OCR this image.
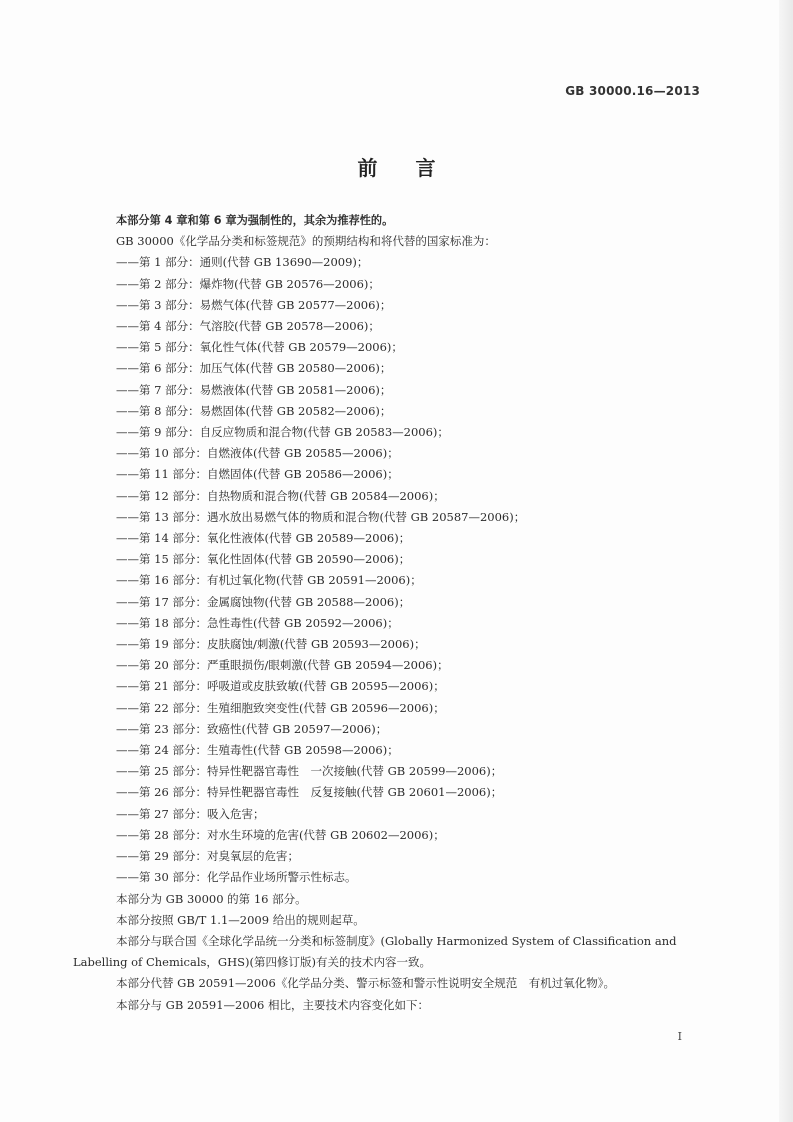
GB 30000.16—2013
前言
本部分第 4 章和第 6 章为强制性的，其余为推荐性的。
GB 30000《化学品分类和标签规范》的预期结构和将代替的国家标准为：
——第 1 部分：通则(代替 GB 13690—2009)；
——第 2 部分：爆炸物(代替 GB 20576—2006)；
——第 3 部分：易燃气体(代替 GB 20577—2006)；
——第 4 部分：气溶胶(代替 GB 20578—2006)；
——第 5 部分：氧化性气体(代替 GB 20579—2006)；
——第 6 部分：加压气体(代替 GB 20580—2006)；
——第 7 部分：易燃液体(代替 GB 20581—2006)；
——第 8 部分：易燃固体(代替 GB 20582—2006)；
——第 9 部分：自反应物质和混合物(代替 GB 20583—2006)；
——第 10 部分：自燃液体(代替 GB 20585—2006)；
——第 11 部分：自燃固体(代替 GB 20586—2006)；
——第 12 部分：自热物质和混合物(代替 GB 20584—2006)；
——第 13 部分：遇水放出易燃气体的物质和混合物(代替 GB 20587—2006)；
——第 14 部分：氧化性液体(代替 GB 20589—2006)；
——第 15 部分：氧化性固体(代替 GB 20590—2006)；
——第 16 部分：有机过氧化物(代替 GB 20591—2006)；
——第 17 部分：金属腐蚀物(代替 GB 20588—2006)；
——第 18 部分：急性毒性(代替 GB 20592—2006)；
——第 19 部分：皮肤腐蚀/刺激(代替 GB 20593—2006)；
——第 20 部分：严重眼损伤/眼刺激(代替 GB 20594—2006)；
——第 21 部分：呼吸道或皮肤致敏(代替 GB 20595—2006)；
——第 22 部分：生殖细胞致突变性(代替 GB 20596—2006)；
——第 23 部分：致癌性(代替 GB 20597—2006)；
——第 24 部分：生殖毒性(代替 GB 20598—2006)；
——第 25 部分：特异性靶器官毒性　一次接触(代替 GB 20599—2006)；
——第 26 部分：特异性靶器官毒性　反复接触(代替 GB 20601—2006)；
——第 27 部分：吸入危害；
——第 28 部分：对水生环境的危害(代替 GB 20602—2006)；
——第 29 部分：对臭氧层的危害；
——第 30 部分：化学品作业场所警示性标志。
本部分为 GB 30000 的第 16 部分。
本部分按照 GB/T 1.1—2009 给出的规则起草。
本部分与联合国《全球化学品统一分类和标签制度》(Globally Harmonized System of Classification and
Labelling of Chemicals，GHS)(第四修订版)有关的技术内容一致。
本部分代替 GB 20591—2006《化学品分类、警示标签和警示性说明安全规范　有机过氧化物》。
本部分与 GB 20591—2006 相比，主要技术内容变化如下：
I
